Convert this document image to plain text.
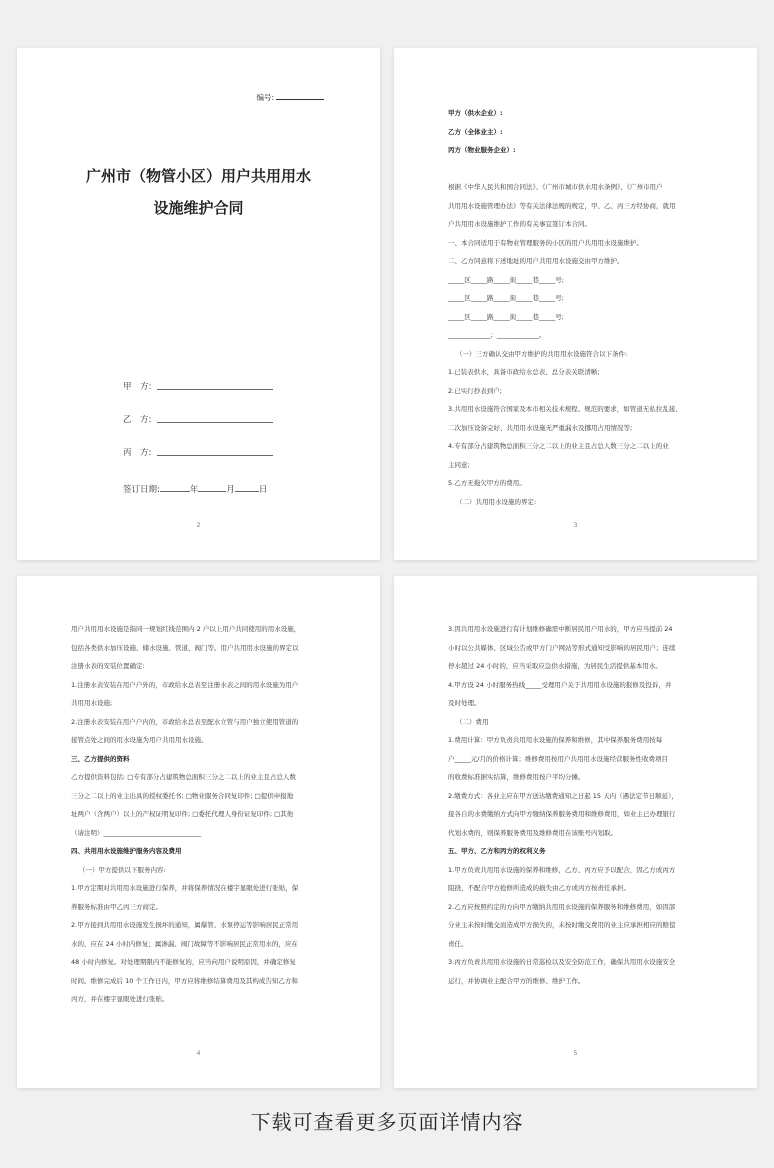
编号:
广州市（物管小区）用户共用用水
设施维护合同
甲　方:
乙　方:
丙　方:
签订日期:	年	月	日
2

甲方（供水企业）:

乙方（全体业主）:

丙方（物业服务企业）:

根据《中华人民共和国合同法》、《广州市城市供水用水条例》、《广州市用户

共用用水设施管理办法》等有关法律法规的规定，甲、乙、丙三方经协商，就用

户共用用水设施维护工作的有关事宜签订本合同。

一、本合同适用于有物业管理服务的小区的用户共用用水设施维护。

二、乙方同意将下述地址的用户共用用水设施交由甲方维护。

_____区_____路_____街_____巷_____号;

_____区_____路_____街_____巷_____号;

_____区_____路_____街_____巷_____号;

_____________；_____________。

（一）三方确认交由甲方维护的共用用水设施符合以下条件:

1.已装表供水，具备市政给水总表、总分表关联清晰;

2.已实行抄表到户;

3.共用用水设施符合国家及本市相关技术规程、规范的要求，如管道无私拉乱接、

二次加压设备完好、共用用水设施无严重漏水及挪用占用情况等;

4.专有部分占建筑物总面积三分之二以上的业主且占总人数三分之二以上的业

主同意;

5.乙方无拖欠甲方的费用。

（二）共用用水设施的界定:

3

用户共用用水设施是指同一规划红线范围内 2 户以上用户共同使用的用水设施，

包括各类供水加压设施、储水设施、管道、阀门等。用户共用用水设施的界定以

注册水表的安装位置确定:

1.注册水表安装在用户户外的，市政给水总表至注册水表之间的用水设施为用户

共用用水设施;

2.注册水表安装在用户户内的，市政给水总表至配水立管与用户独立使用管道的

接管点处之间的用水设施为用户共用用水设施。

三、乙方提供的资料

乙方提供资料包括: □专有部分占建筑物总面积三分之二以上的业主且占总人数

三分之二以上的业主出具的授权委托书; □物业服务合同复印件; □提供申报地

址两户（含两户）以上的产权证明复印件; □委托代理人身份证复印件; □其他

（请注明）______________________________

四、共用用水设施维护服务内容及费用

（一）甲方提供以下服务内容:

1.甲方定期对共用用水设施进行保养，并将保养情况在楼宇显眼处进行张贴，保

养服务标准由甲乙丙三方商定。

2.甲方接到共用用水设施发生损坏的通知，属爆管、水泵停运等影响居民正常用

水的，应在 24 小时内修复；属渗漏、阀门故障等不影响居民正常用水的，应在

48 小时内修复。对处理期限内不能修复的，应当向用户说明原因，并确定修复

时间。维修完成后 10 个工作日内，甲方应将维修结算费用及其构成告知乙方和

丙方，并在楼宇显眼处进行张贴。

4

3.因共用用水设施进行有计划维修确需中断居民用户用水的，甲方应当提前 24

小时以公共媒体、区域公告或甲方门户网站等形式通知受影响的居民用户；连续

停水超过 24 小时的，应当采取应急供水措施，为居民生活提供基本用水。

4.甲方设 24 小时服务热线_____受理用户关于共用用水设施的报修及投诉，并

及时处理。

（二）费用

1.费用计算：甲方负责共用用水设施的保养和维修，其中保养服务费用按每

户_____元/月的价格计算；维修费用按用户共用用水设施经营服务性收费项目

的收费标准据实结算，维修费用按户平均分摊。

2.缴费方式：各业主应在甲方送达缴费通知之日起 15 天内（遇法定节日顺延），

接各自的水费缴纳方式向甲方缴纳保养服务费用和维修费用，如业主已办理银行

代划水费的，则保养服务费用及维修费用在该账号内划取。

五、甲方、乙方和丙方的权利义务

1.甲方负责共用用水设施的保养和维修，乙方、丙方应予以配合，因乙方或丙方

阻挠、不配合甲方抢修所造成的损失由乙方或丙方按责任承担。

2.乙方应按照约定的方向甲方缴纳共用用水设施的保养服务和维修费用，如因部

分业主未按时缴交而造成甲方损失的，未按时缴交费用的业主应承担相应的赔偿

责任。

3.丙方负责共用用水设施的日常巡检以及安全防范工作，确保共用用水设施安全

运行，并协调业主配合甲方的维修、维护工作。

5
下载可查看更多页面详情内容
